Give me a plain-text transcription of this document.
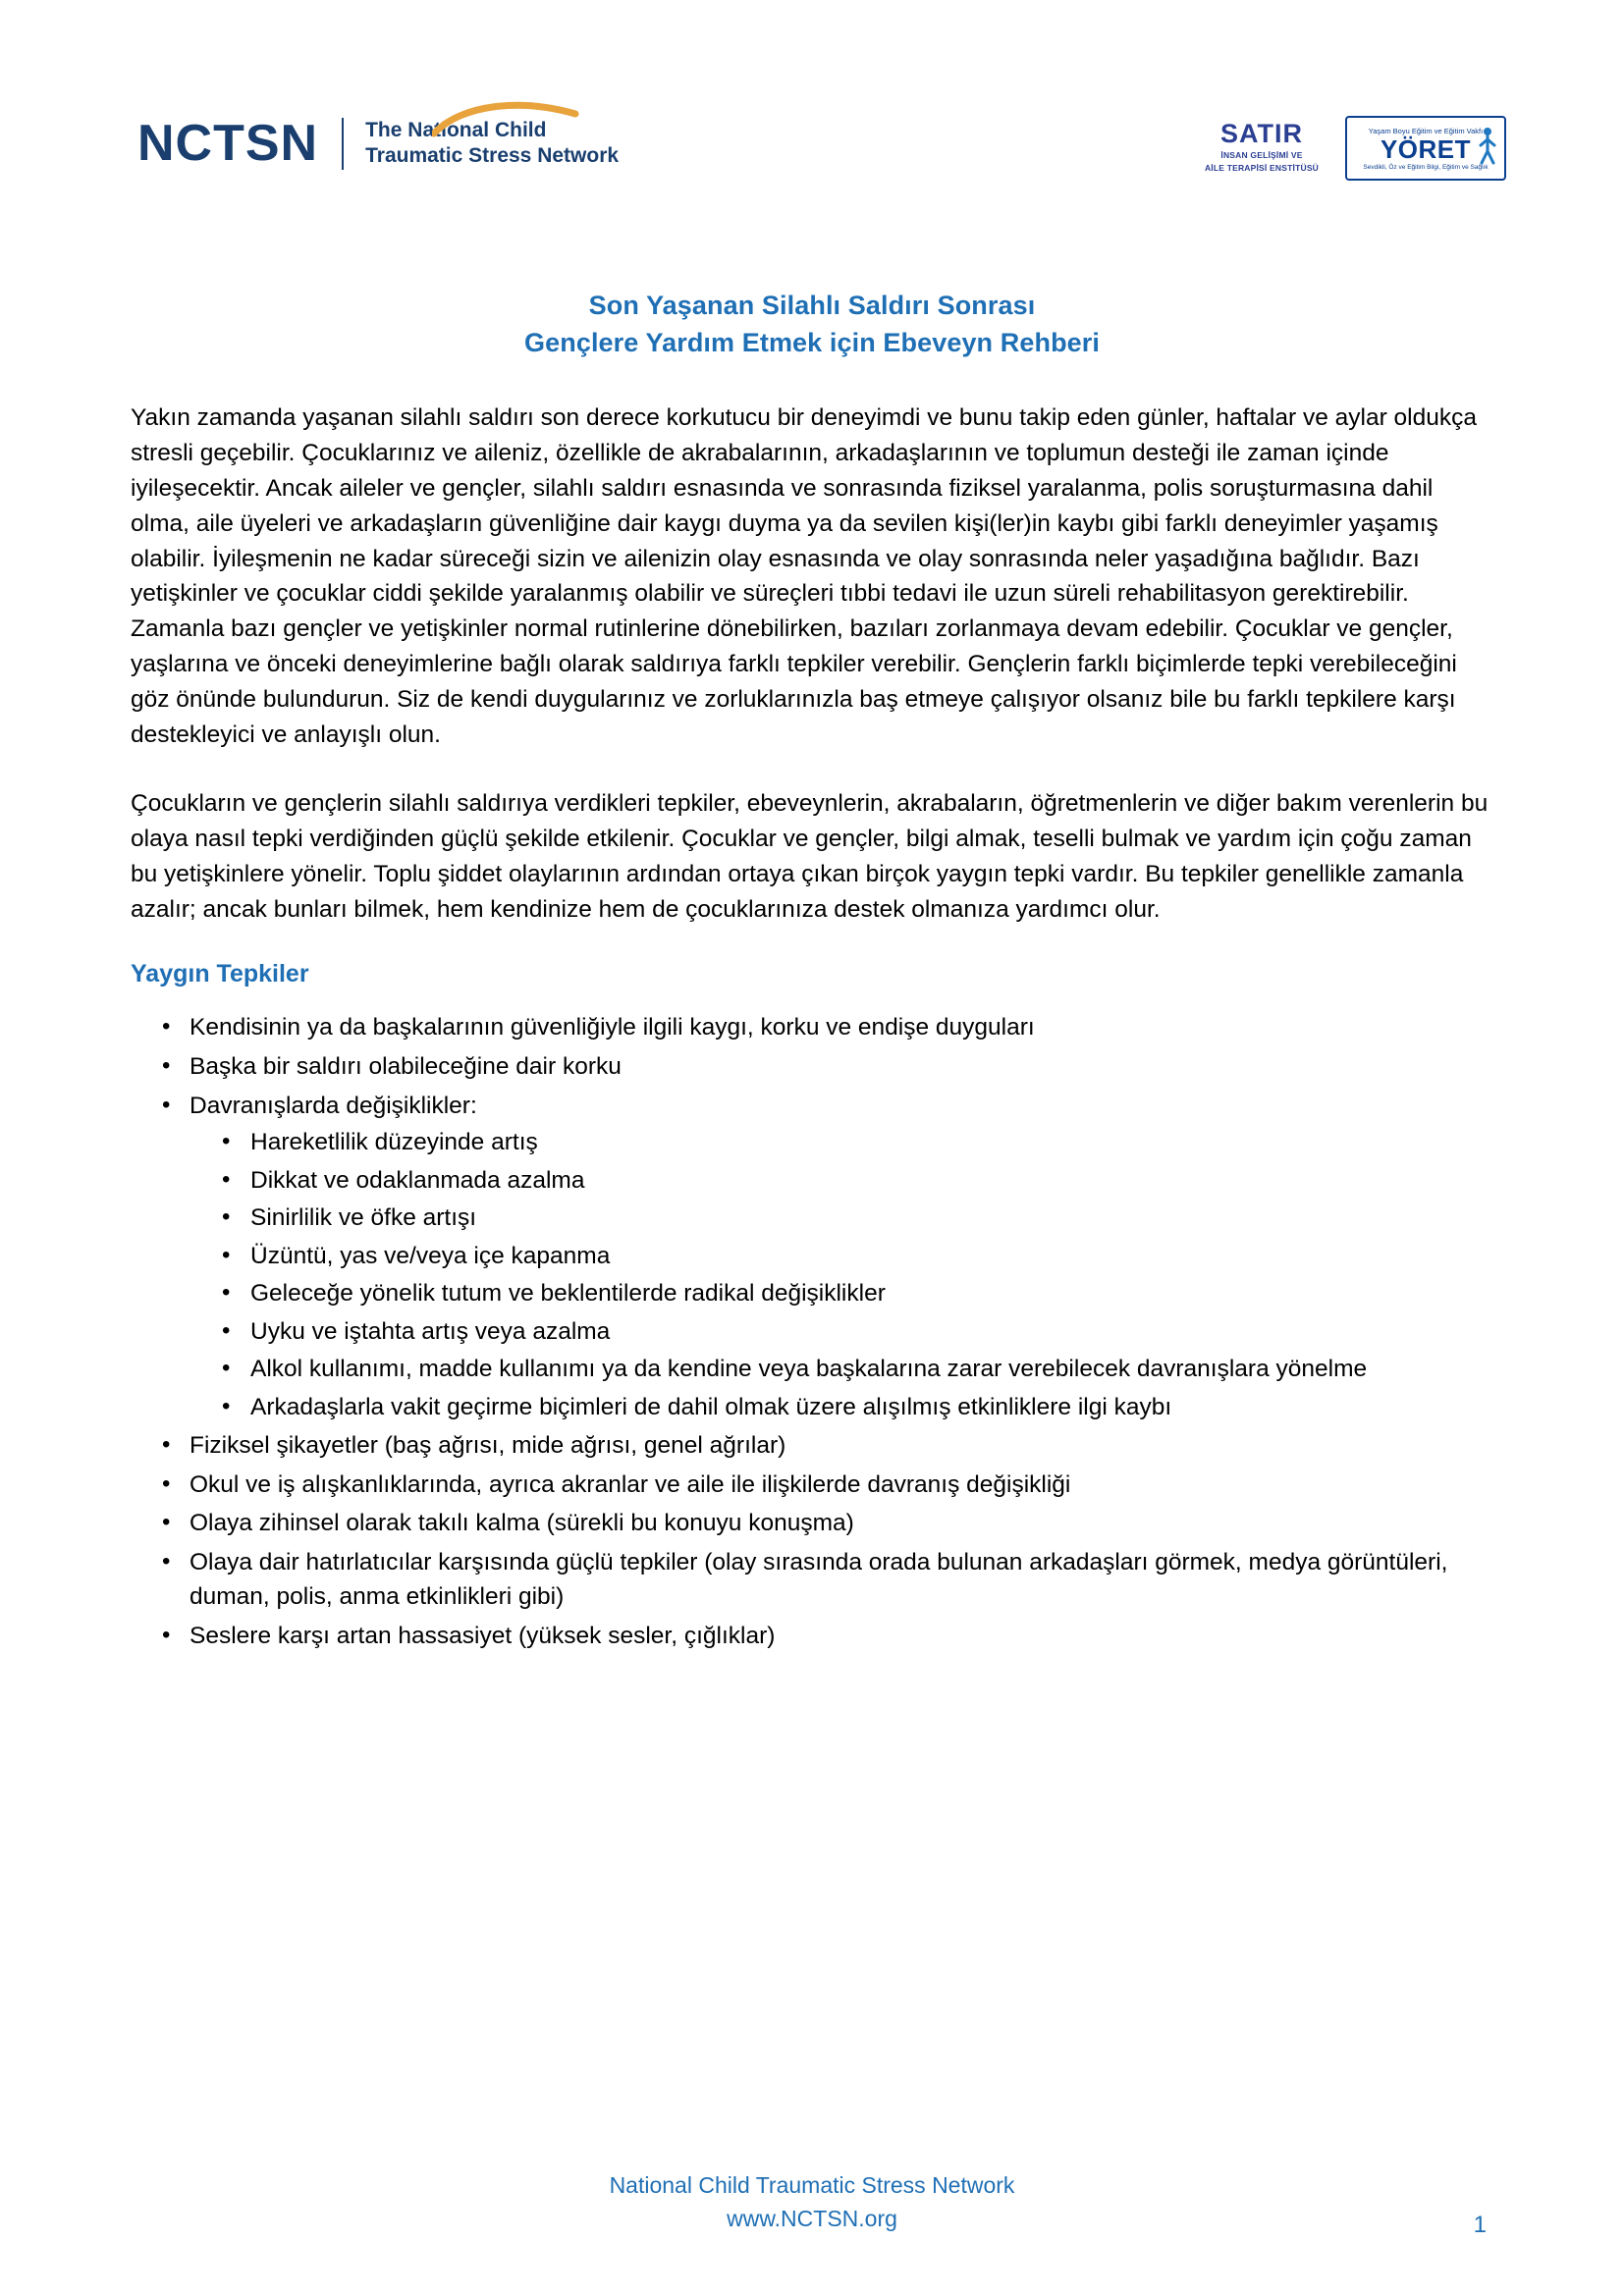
NCTSN The National Child
Traumatic Stress Network
SATIR
İNSAN GELİŞİMİ VE
AİLE TERAPİSİ ENSTİTÜSÜ
Yaşam Boyu Eğitim ve Eğitim Vakfı
YÖRET
Sevdikli, Öz ve Eğitim Bilgi, Eğitim ve Sağlık
Son Yaşanan Silahlı Saldırı Sonrası
Gençlere Yardım Etmek için Ebeveyn Rehberi

Yakın zamanda yaşanan silahlı saldırı son derece korkutucu bir deneyimdi ve bunu takip eden günler, haftalar ve aylar oldukça stresli geçebilir. Çocuklarınız ve aileniz, özellikle de akrabalarının, arkadaşlarının ve toplumun desteği ile zaman içinde iyileşecektir. Ancak aileler ve gençler, silahlı saldırı esnasında ve sonrasında fiziksel yaralanma, polis soruşturmasına dahil olma, aile üyeleri ve arkadaşların güvenliğine dair kaygı duyma ya da sevilen kişi(ler)in kaybı gibi farklı deneyimler yaşamış olabilir. İyileşmenin ne kadar süreceği sizin ve ailenizin olay esnasında ve olay sonrasında neler yaşadığına bağlıdır. Bazı yetişkinler ve çocuklar ciddi şekilde yaralanmış olabilir ve süreçleri tıbbi tedavi ile uzun süreli rehabilitasyon gerektirebilir. Zamanla bazı gençler ve yetişkinler normal rutinlerine dönebilirken, bazıları zorlanmaya devam edebilir. Çocuklar ve gençler, yaşlarına ve önceki deneyimlerine bağlı olarak saldırıya farklı tepkiler verebilir. Gençlerin farklı biçimlerde tepki verebileceğini göz önünde bulundurun. Siz de kendi duygularınız ve zorluklarınızla baş etmeye çalışıyor olsanız bile bu farklı tepkilere karşı destekleyici ve anlayışlı olun.

Çocukların ve gençlerin silahlı saldırıya verdikleri tepkiler, ebeveynlerin, akrabaların, öğretmenlerin ve diğer bakım verenlerin bu olaya nasıl tepki verdiğinden güçlü şekilde etkilenir. Çocuklar ve gençler, bilgi almak, teselli bulmak ve yardım için çoğu zaman bu yetişkinlere yönelir. Toplu şiddet olaylarının ardından ortaya çıkan birçok yaygın tepki vardır. Bu tepkiler genellikle zamanla azalır; ancak bunları bilmek, hem kendinize hem de çocuklarınıza destek olmanıza yardımcı olur.

Yaygın Tepkiler
• Kendisinin ya da başkalarının güvenliğiyle ilgili kaygı, korku ve endişe duyguları
• Başka bir saldırı olabileceğine dair korku
• Davranışlarda değişiklikler:
• Hareketlilik düzeyinde artış
• Dikkat ve odaklanmada azalma
• Sinirlilik ve öfke artışı
• Üzüntü, yas ve/veya içe kapanma
• Geleceğe yönelik tutum ve beklentilerde radikal değişiklikler
• Uyku ve iştahta artış veya azalma
• Alkol kullanımı, madde kullanımı ya da kendine veya başkalarına zarar verebilecek davranışlara yönelme
• Arkadaşlarla vakit geçirme biçimleri de dahil olmak üzere alışılmış etkinliklere ilgi kaybı
• Fiziksel şikayetler (baş ağrısı, mide ağrısı, genel ağrılar)
• Okul ve iş alışkanlıklarında, ayrıca akranlar ve aile ile ilişkilerde davranış değişikliği
• Olaya zihinsel olarak takılı kalma (sürekli bu konuyu konuşma)
• Olaya dair hatırlatıcılar karşısında güçlü tepkiler (olay sırasında orada bulunan arkadaşları görmek, medya görüntüleri, duman, polis, anma etkinlikleri gibi)
• Seslere karşı artan hassasiyet (yüksek sesler, çığlıklar)
National Child Traumatic Stress Network
www.NCTSN.org	1
